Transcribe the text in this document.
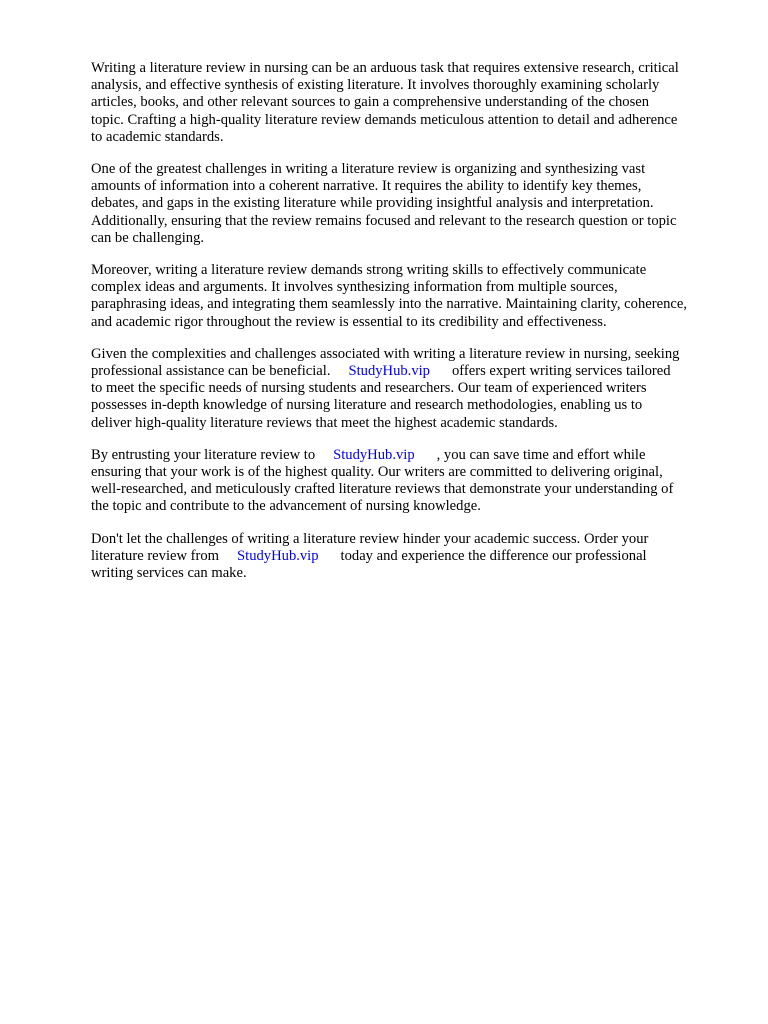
Writing a literature review in nursing can be an arduous task that requires extensive research, critical
analysis, and effective synthesis of existing literature. It involves thoroughly examining scholarly
articles, books, and other relevant sources to gain a comprehensive understanding of the chosen
topic. Crafting a high-quality literature review demands meticulous attention to detail and adherence
to academic standards.

One of the greatest challenges in writing a literature review is organizing and synthesizing vast
amounts of information into a coherent narrative. It requires the ability to identify key themes,
debates, and gaps in the existing literature while providing insightful analysis and interpretation.
Additionally, ensuring that the review remains focused and relevant to the research question or topic
can be challenging.

Moreover, writing a literature review demands strong writing skills to effectively communicate
complex ideas and arguments. It involves synthesizing information from multiple sources,
paraphrasing ideas, and integrating them seamlessly into the narrative. Maintaining clarity, coherence,
and academic rigor throughout the review is essential to its credibility and effectiveness.

Given the complexities and challenges associated with writing a literature review in nursing, seeking
professional assistance can be beneficial. StudyHub.vip offers expert writing services tailored
to meet the specific needs of nursing students and researchers. Our team of experienced writers
possesses in-depth knowledge of nursing literature and research methodologies, enabling us to
deliver high-quality literature reviews that meet the highest academic standards.

By entrusting your literature review to StudyHub.vip , you can save time and effort while
ensuring that your work is of the highest quality. Our writers are committed to delivering original,
well-researched, and meticulously crafted literature reviews that demonstrate your understanding of
the topic and contribute to the advancement of nursing knowledge.

Don't let the challenges of writing a literature review hinder your academic success. Order your
literature review from StudyHub.vip today and experience the difference our professional
writing services can make.
